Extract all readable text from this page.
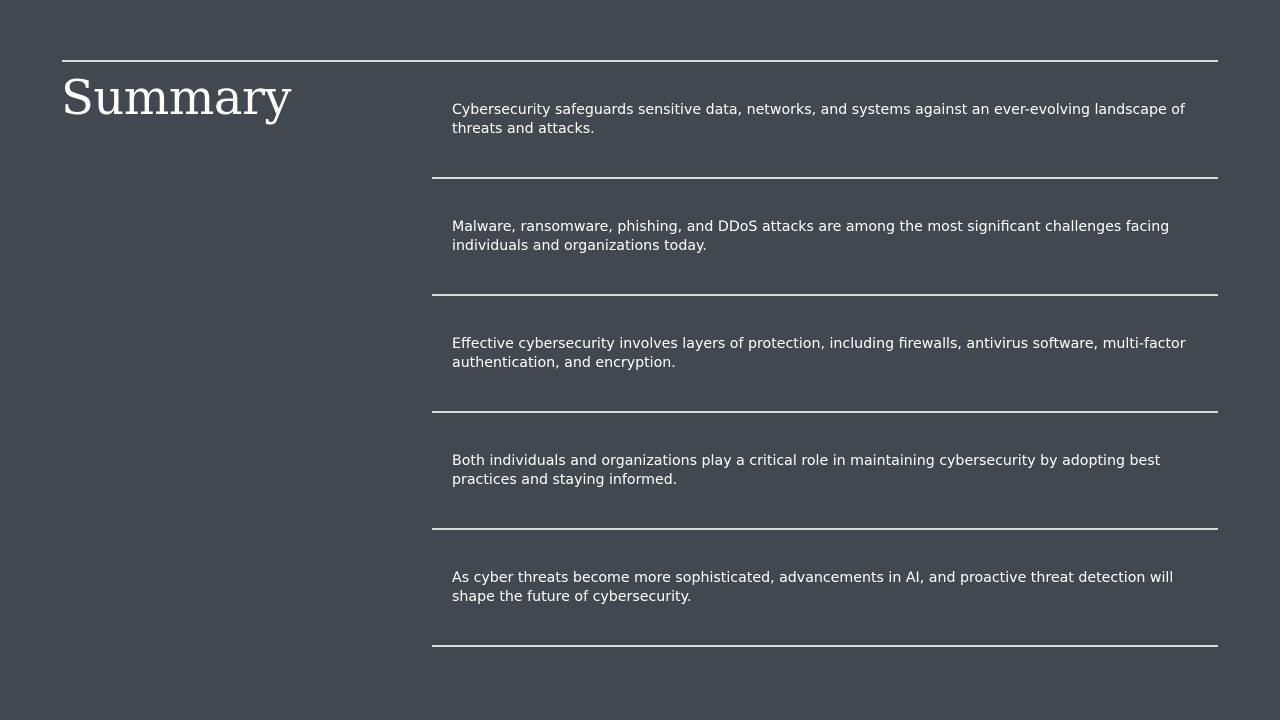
Summary	Cybersecurity safeguards sensitive data, networks, and systems against an ever-evolving landscape of threats and attacks.

Malware, ransomware, phishing, and DDoS attacks are among the most significant challenges facing individuals and organizations today.

Effective cybersecurity involves layers of protection, including firewalls, antivirus software, multi-factor authentication, and encryption.

Both individuals and organizations play a critical role in maintaining cybersecurity by adopting best practices and staying informed.

As cyber threats become more sophisticated, advancements in AI, and proactive threat detection will shape the future of cybersecurity.
